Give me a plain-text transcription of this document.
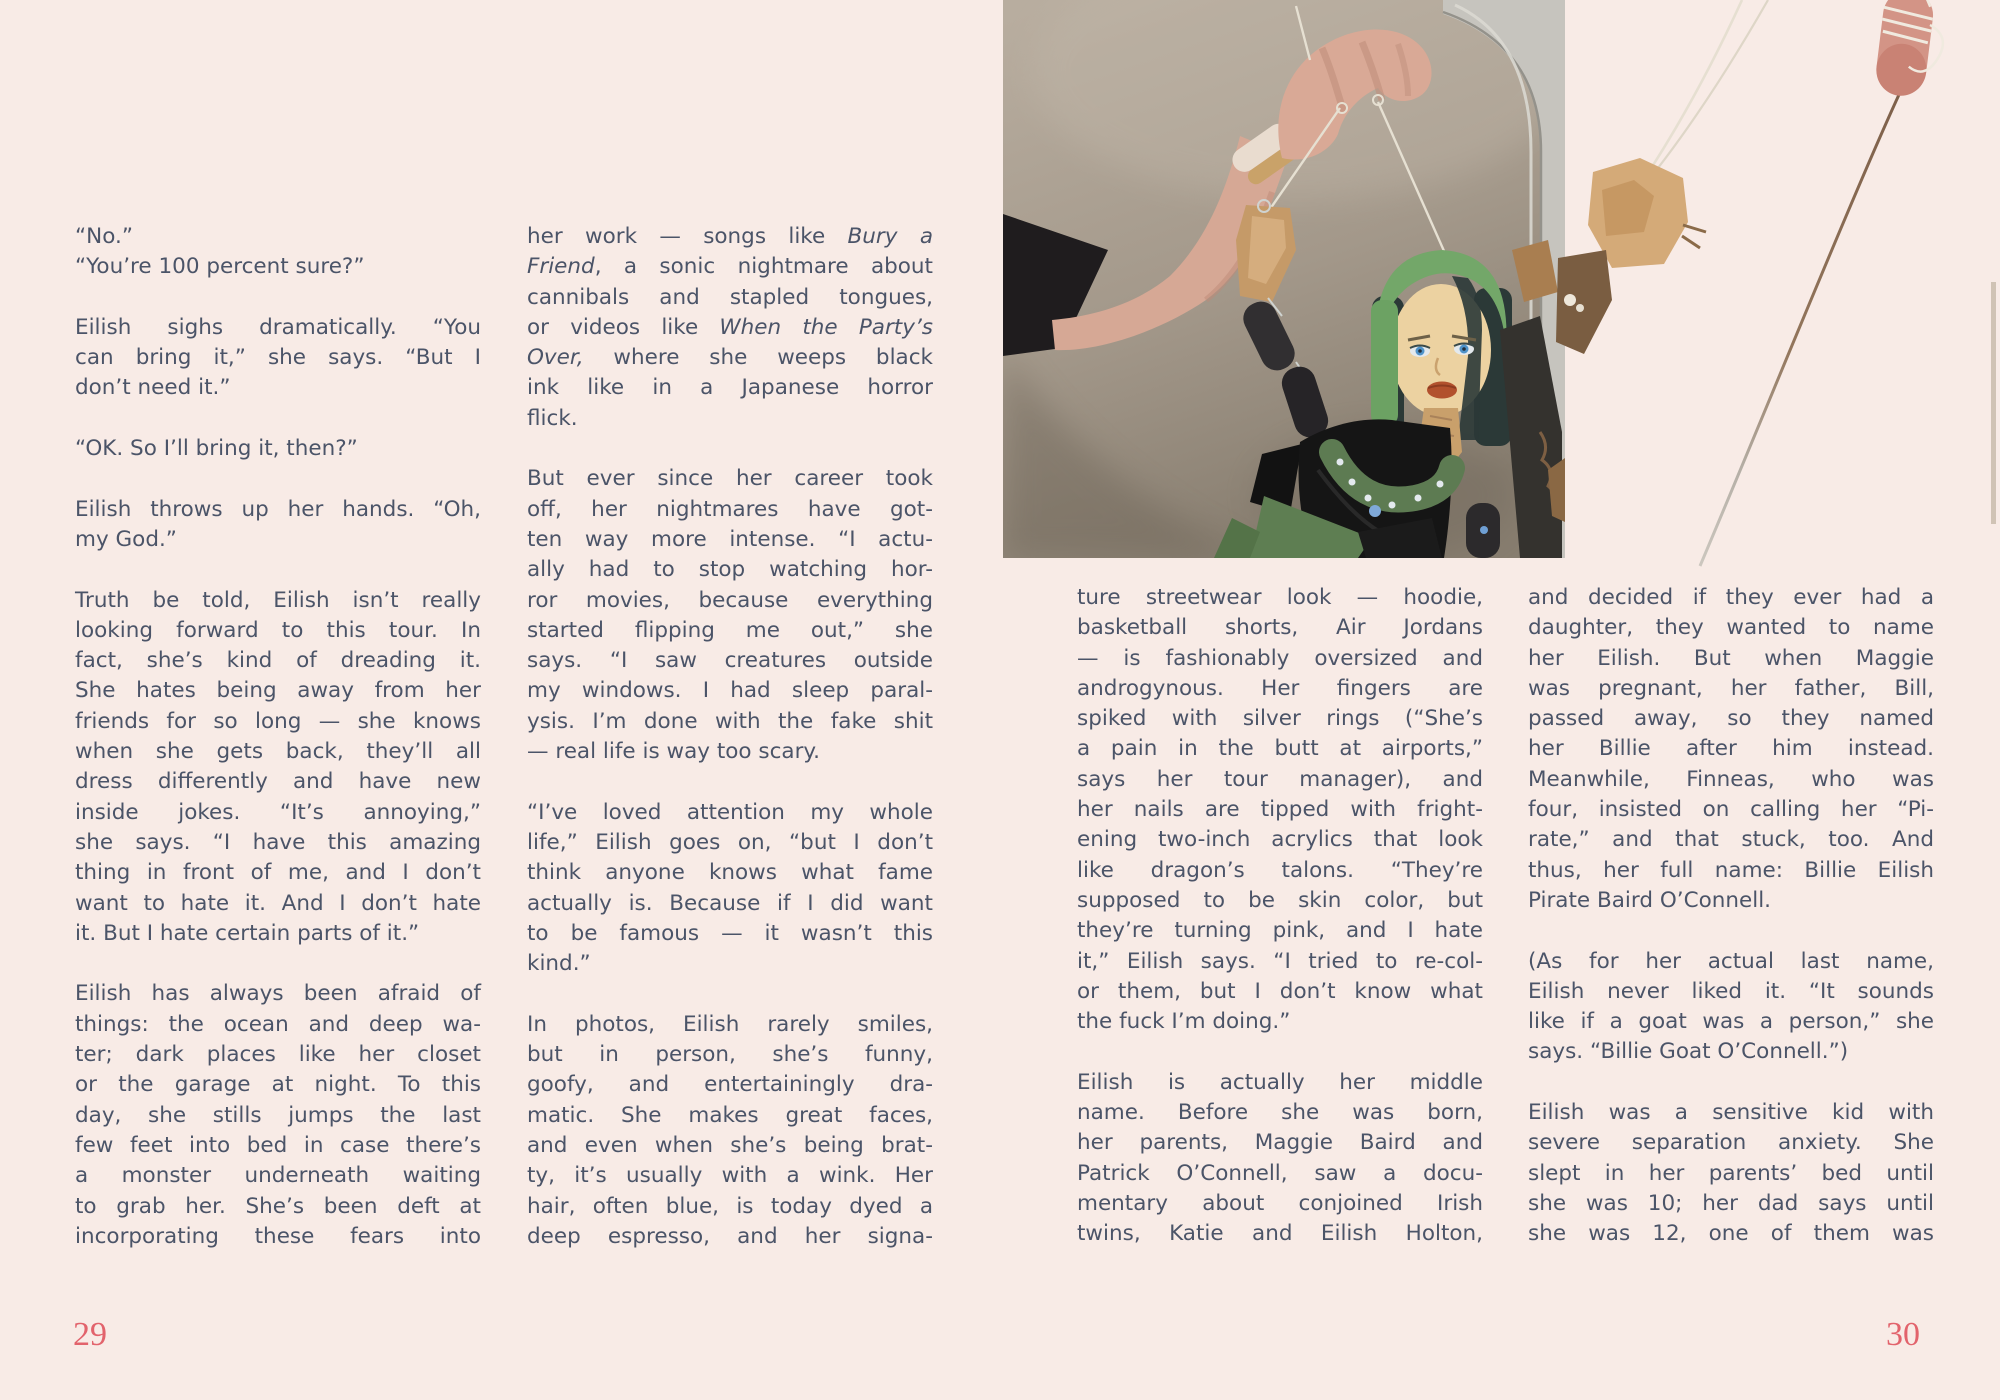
“No.”
“You’re 100 percent sure?”
Eilish sighs dramatically. “You
can bring it,” she says. “But I
don’t need it.”
“OK. So I’ll bring it, then?”
Eilish throws up her hands. “Oh,
my God.”
Truth be told, Eilish isn’t really
looking forward to this tour. In
fact, she’s kind of dreading it.
She hates being away from her
friends for so long — she knows
when she gets back, they’ll all
dress differently and have new
inside jokes. “It’s annoying,”
she says. “I have this amazing
thing in front of me, and I don’t
want to hate it. And I don’t hate
it. But I hate certain parts of it.”
Eilish has always been afraid of
things: the ocean and deep wa-
ter; dark places like her closet
or the garage at night. To this
day, she stills jumps the last
few feet into bed in case there’s
a monster underneath waiting
to grab her. She’s been deft at
incorporating these fears into
her work — songs like Bury a
Friend, a sonic nightmare about
cannibals and stapled tongues,
or videos like When the Party’s
Over, where she weeps black
ink like in a Japanese horror
flick.
But ever since her career took
off, her nightmares have got-
ten way more intense. “I actu-
ally had to stop watching hor-
ror movies, because everything
started flipping me out,” she
says. “I saw creatures outside
my windows. I had sleep paral-
ysis. I’m done with the fake shit
— real life is way too scary.
“I’ve loved attention my whole
life,” Eilish goes on, “but I don’t
think anyone knows what fame
actually is. Because if I did want
to be famous — it wasn’t this
kind.”
In photos, Eilish rarely smiles,
but in person, she’s funny,
goofy, and entertainingly dra-
matic. She makes great faces,
and even when she’s being brat-
ty, it’s usually with a wink. Her
hair, often blue, is today dyed a
deep espresso, and her signa-
ture streetwear look — hoodie,
basketball shorts, Air Jordans
— is fashionably oversized and
androgynous. Her fingers are
spiked with silver rings (“She’s
a pain in the butt at airports,”
says her tour manager), and
her nails are tipped with fright-
ening two-inch acrylics that look
like dragon’s talons. “They’re
supposed to be skin color, but
they’re turning pink, and I hate
it,” Eilish says. “I tried to re-col-
or them, but I don’t know what
the fuck I’m doing.”
Eilish is actually her middle
name. Before she was born,
her parents, Maggie Baird and
Patrick O’Connell, saw a docu-
mentary about conjoined Irish
twins, Katie and Eilish Holton,
and decided if they ever had a
daughter, they wanted to name
her Eilish. But when Maggie
was pregnant, her father, Bill,
passed away, so they named
her Billie after him instead.
Meanwhile, Finneas, who was
four, insisted on calling her “Pi-
rate,” and that stuck, too. And
thus, her full name: Billie Eilish
Pirate Baird O’Connell.
(As for her actual last name,
Eilish never liked it. “It sounds
like if a goat was a person,” she
says. “Billie Goat O’Connell.”)
Eilish was a sensitive kid with
severe separation anxiety. She
slept in her parents’ bed until
she was 10; her dad says until
she was 12, one of them was
29	30
